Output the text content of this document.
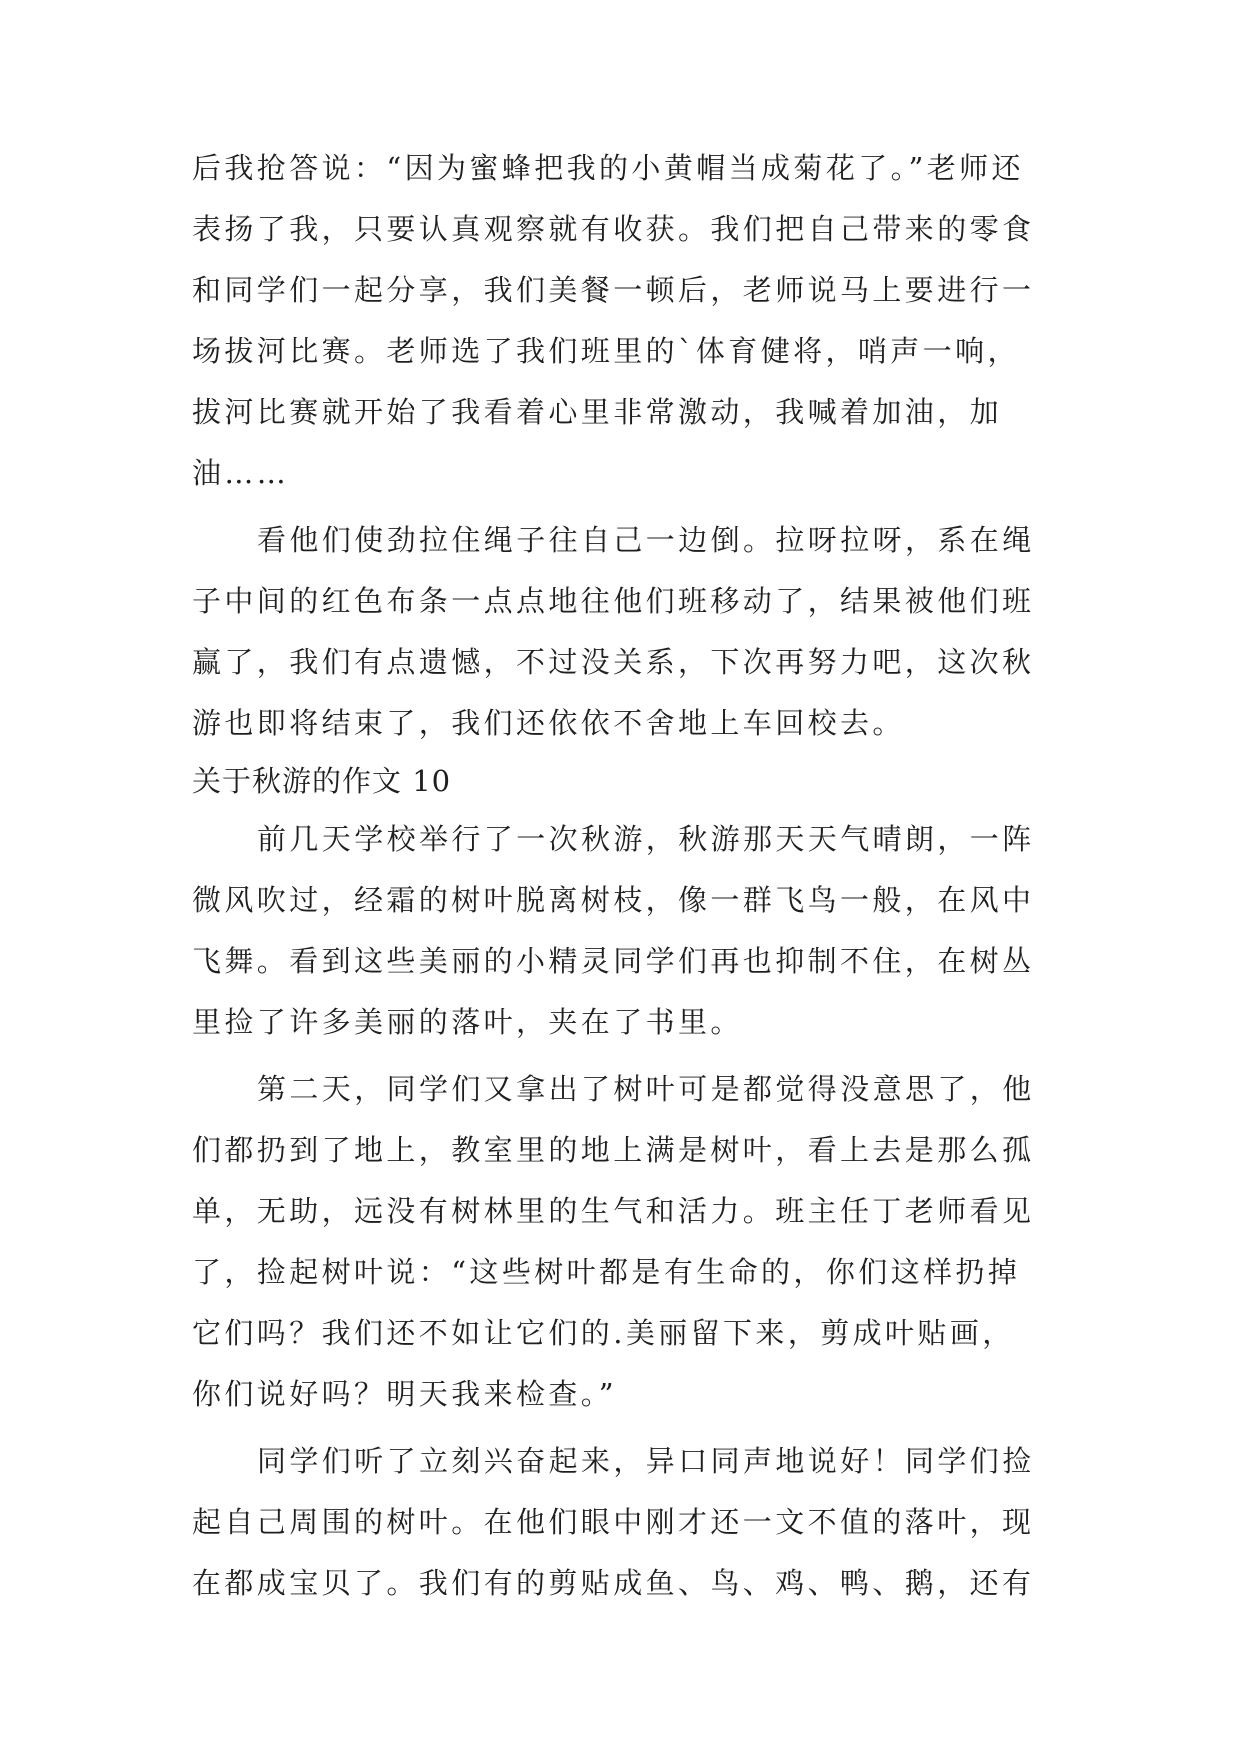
后我抢答说：“因为蜜蜂把我的小黄帽当成菊花了。”老师还
表扬了我，只要认真观察就有收获。我们把自己带来的零食
和同学们一起分享，我们美餐一顿后，老师说马上要进行一
场拔河比赛。老师选了我们班里的`体育健将，哨声一响，
拔河比赛就开始了我看着心里非常激动，我喊着加油，加
油……
看他们使劲拉住绳子往自己一边倒。拉呀拉呀，系在绳
子中间的红色布条一点点地往他们班移动了，结果被他们班
赢了，我们有点遗憾，不过没关系，下次再努力吧，这次秋
游也即将结束了，我们还依依不舍地上车回校去。
关于秋游的作文 10
前几天学校举行了一次秋游，秋游那天天气晴朗，一阵
微风吹过，经霜的树叶脱离树枝，像一群飞鸟一般，在风中
飞舞。看到这些美丽的小精灵同学们再也抑制不住，在树丛
里捡了许多美丽的落叶，夹在了书里。
第二天，同学们又拿出了树叶可是都觉得没意思了，他
们都扔到了地上，教室里的地上满是树叶，看上去是那么孤
单，无助，远没有树林里的生气和活力。班主任丁老师看见
了，捡起树叶说：“这些树叶都是有生命的，你们这样扔掉
它们吗？我们还不如让它们的.美丽留下来，剪成叶贴画，
你们说好吗？明天我来检查。”
同学们听了立刻兴奋起来，异口同声地说好！同学们捡
起自己周围的树叶。在他们眼中刚才还一文不值的落叶，现
在都成宝贝了。我们有的剪贴成鱼、鸟、鸡、鸭、鹅，还有
